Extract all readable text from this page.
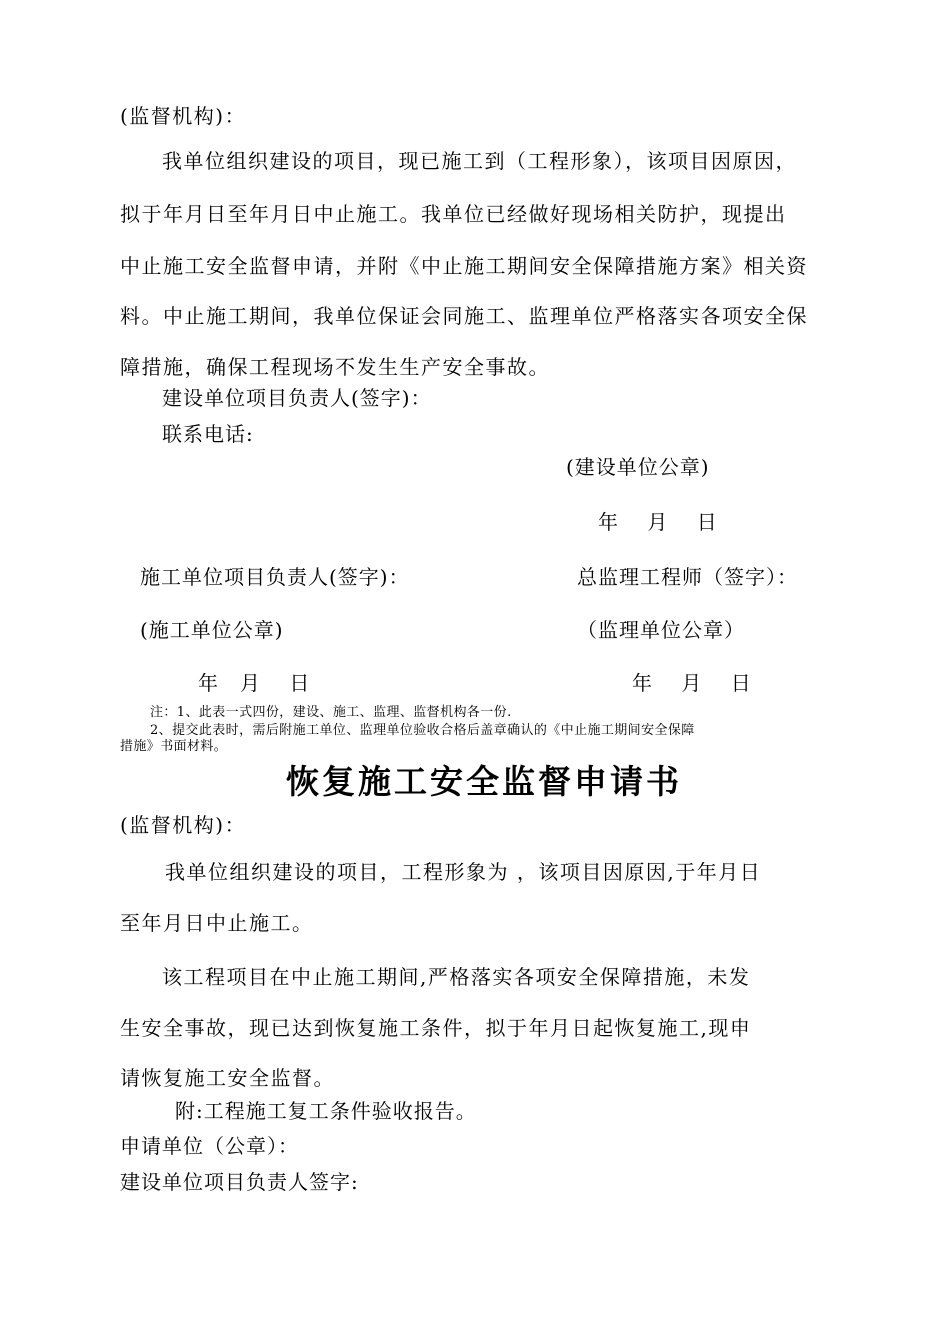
(监督机构)：
我单位组织建设的项目，现已施工到（工程形象），该项目因原因，
拟于年月日至年月日中止施工。我单位已经做好现场相关防护，现提出
中止施工安全监督申请，并附《中止施工期间安全保障措施方案》相关资
料。中止施工期间，我单位保证会同施工、监理单位严格落实各项安全保
障措施，确保工程现场不发生生产安全事故。
建设单位项目负责人(签字)：
联系电话:
(建设单位公章)
年　 月　 日
施工单位项目负责人(签字)：	总监理工程师（签字）：
(施工单位公章)	（监理单位公章）
年　月　 日	年　 月　 日
注：1、此表一式四份，建设、施工、监理、监督机构各一份.
2、提交此表时，需后附施工单位、监理单位验收合格后盖章确认的《中止施工期间安全保障
措施》书面材料。
恢复施工安全监督申请书
(监督机构)：
我单位组织建设的项目，工程形象为 ，该项目因原因,于年月日
至年月日中止施工。
该工程项目在中止施工期间,严格落实各项安全保障措施，未发
生安全事故，现已达到恢复施工条件，拟于年月日起恢复施工,现申
请恢复施工安全监督。
附:工程施工复工条件验收报告。
申请单位（公章）：
建设单位项目负责人签字:
